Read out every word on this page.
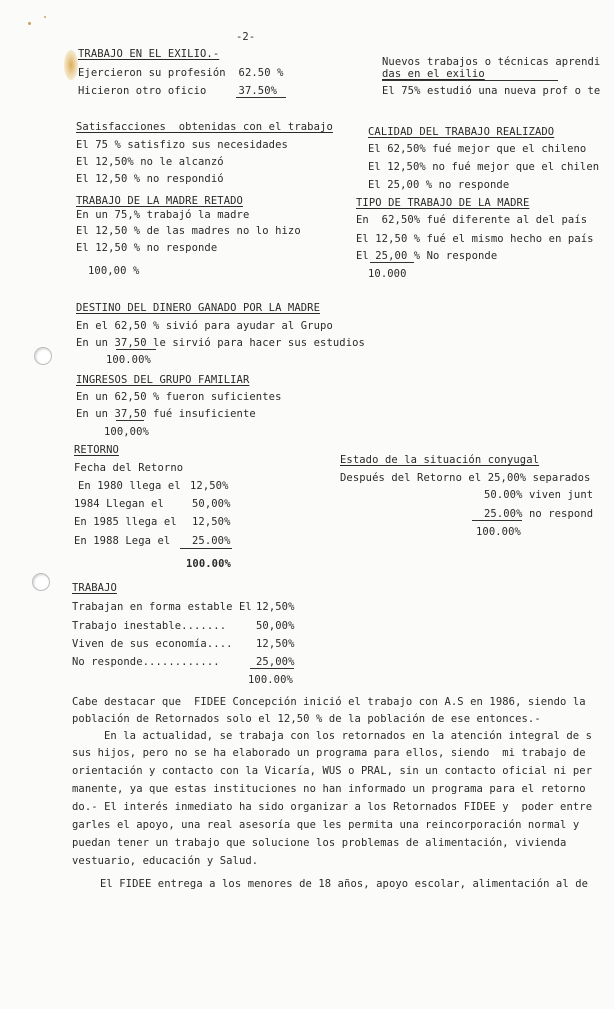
-2-
TRABAJO EN EL EXILIO.-
Ejercieron su profesión  62.50 %
Hicieron otro oficio     37.50%
Nuevos trabajos o técnicas aprendi
das en el exilio
El 75% estudió una nueva prof o te
Satisfacciones  obtenidas con el trabajo
El 75 % satisfizo sus necesidades
El 12,50% no le alcanzó
El 12,50 % no respondió
CALIDAD DEL TRABAJO REALIZADO
El 62,50% fué mejor que el chileno
El 12,50% no fué mejor que el chilen
El 25,00 % no responde
TRABAJO DE LA MADRE RETADO
En un 75,% trabajó la madre
El 12,50 % de las madres no lo hizo
El 12,50 % no responde
100,00 %
TIPO DE TRABAJO DE LA MADRE
En  62,50% fué diferente al del país
El 12,50 % fué el mismo hecho en país
El 25,00 % No responde
10.000
DESTINO DEL DINERO GANADO POR LA MADRE
En el 62,50 % sivió para ayudar al Grupo
En un 37,50 le sirvió para hacer sus estudios
100.00%
INGRESOS DEL GRUPO FAMILIAR
En un 62,50 % fueron suficientes
En un 37,50 fué insuficiente
100,00%
RETORNO
Fecha del Retorno
En 1980 llega el 12,50%
1984 Llegan el	50,00%
En 1985 llega el 12,50%
En 1988 Lega el 25.00%
100.00%
Estado de la situación conyugal
Después del Retorno el 25,00% separados
50.00% viven junt
25.00% no respond
100.00%
TRABAJO
Trabajan en forma estable El 12,50%
Trabajo inestable.......	50,00%
Viven de sus economía.... 12,50%
No responde............	25,00%
100.00%
Cabe destacar que  FIDEE Concepción inició el trabajo con A.S en 1986, siendo la
población de Retornados solo el 12,50 % de la población de ese entonces.-
En la actualidad, se trabaja con los retornados en la atención integral de s
sus hijos, pero no se ha elaborado un programa para ellos, siendo  mi trabajo de
orientación y contacto con la Vicaría, WUS o PRAL, sin un contacto oficial ni per
manente, ya que estas instituciones no han informado un programa para el retorno
do.- El interés inmediato ha sido organizar a los Retornados FIDEE y  poder entre
garles el apoyo, una real asesoría que les permita una reincorporación normal y
puedan tener un trabajo que solucione los problemas de alimentación, vivienda
vestuario, educación y Salud.
El FIDEE entrega a los menores de 18 años, apoyo escolar, alimentación al de
